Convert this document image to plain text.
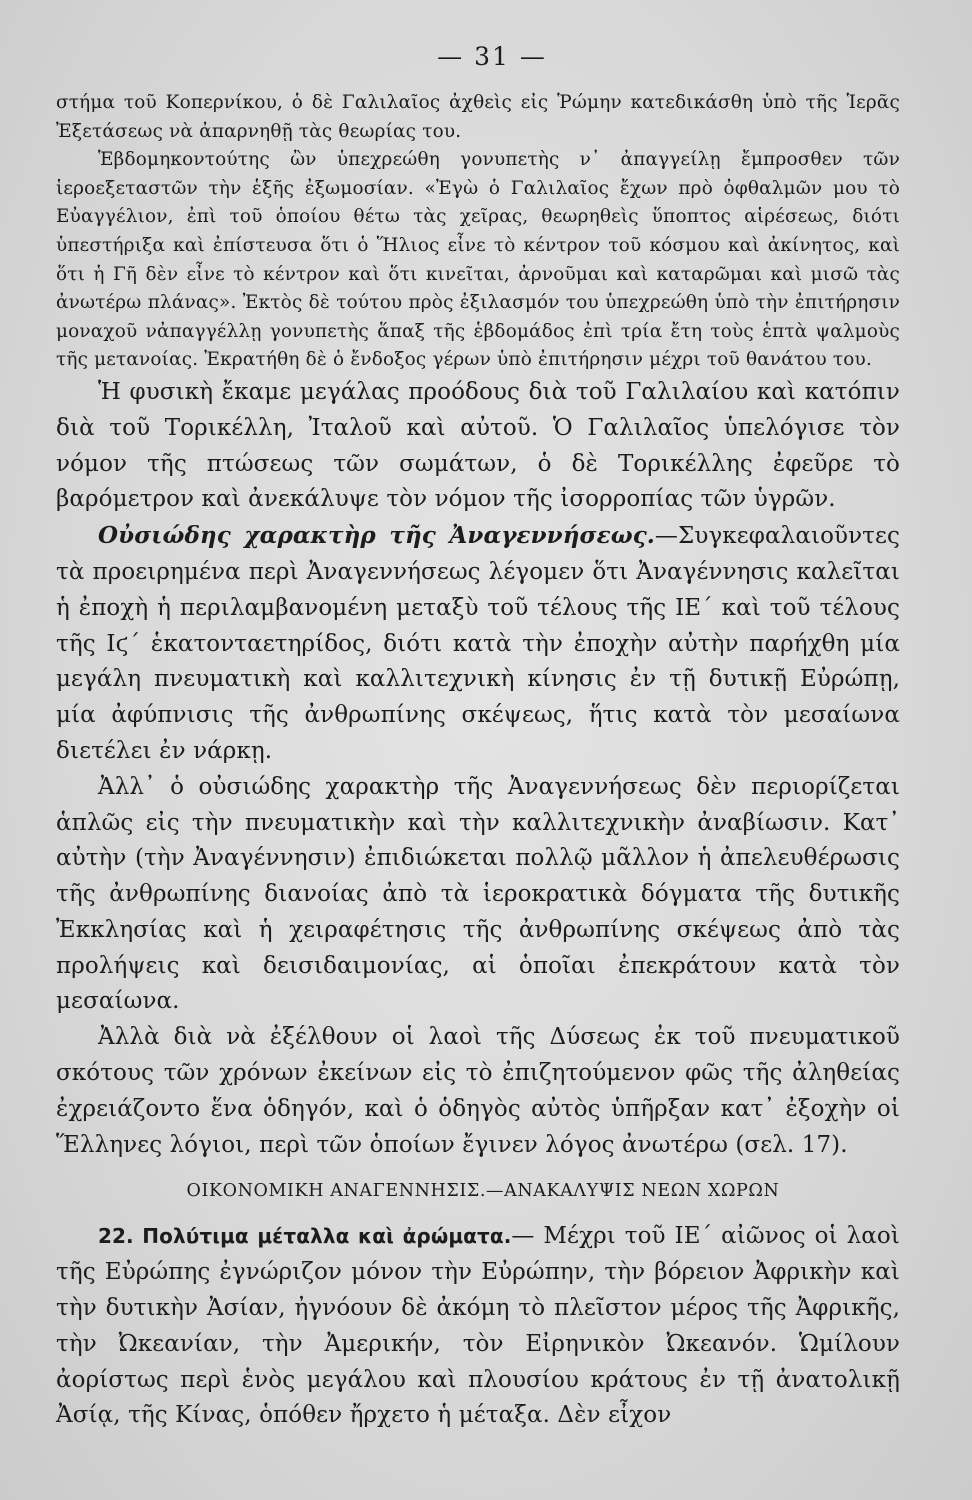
— 31 —

στήμα τοῦ Κοπερνίκου, ὁ δὲ Γαλιλαῖος ἀχθεὶς εἰς Ῥώμην κατεδικάσθη ὑπὸ τῆς Ἱερᾶς Ἐξετάσεως νὰ ἀπαρνηθῇ τὰς θεωρίας του.

Ἑβδομηκοντούτης ὢν ὑπεχρεώθη γονυπετὴς ν᾽ ἀπαγγείλῃ ἔμπροσθεν τῶν ἱεροεξεταστῶν τὴν ἑξῆς ἐξωμοσίαν. «Ἐγὼ ὁ Γαλιλαῖος ἔχων πρὸ ὀφθαλμῶν μου τὸ Εὐαγγέλιον, ἐπὶ τοῦ ὁποίου θέτω τὰς χεῖρας, θεωρηθεὶς ὕποπτος αἱρέσεως, διότι ὑπεστήριξα καὶ ἐπίστευσα ὅτι ὁ Ἥλιος εἶνε τὸ κέντρον τοῦ κόσμου καὶ ἀκίνητος, καὶ ὅτι ἡ Γῆ δὲν εἶνε τὸ κέντρον καὶ ὅτι κινεῖται, ἀρνοῦμαι καὶ καταρῶμαι καὶ μισῶ τὰς ἀνωτέρω πλάνας». Ἐκτὸς δὲ τούτου πρὸς ἐξιλασμόν του ὑπεχρεώθη ὑπὸ τὴν ἐπιτήρησιν μοναχοῦ νἀπαγγέλλῃ γονυπετὴς ἅπαξ τῆς ἑβδομάδος ἐπὶ τρία ἔτη τοὺς ἑπτὰ ψαλμοὺς τῆς μετανοίας. Ἐκρατήθη δὲ ὁ ἔνδοξος γέρων ὑπὸ ἐπιτήρησιν μέχρι τοῦ θανάτου του.

Ἡ φυσικὴ ἔκαμε μεγάλας προόδους διὰ τοῦ Γαλιλαίου καὶ κατόπιν διὰ τοῦ Τορικέλλη, Ἰταλοῦ καὶ αὐτοῦ. Ὁ Γαλιλαῖος ὑπελόγισε τὸν νόμον τῆς πτώσεως τῶν σωμάτων, ὁ δὲ Τορικέλλης ἐφεῦρε τὸ βαρόμετρον καὶ ἀνεκάλυψε τὸν νόμον τῆς ἰσορροπίας τῶν ὑγρῶν.

Οὐσιώδης χαρακτὴρ τῆς Ἀναγεννήσεως.—Συγκεφαλαιοῦντες τὰ προειρημένα περὶ Ἀναγεννήσεως λέγομεν ὅτι Ἀναγέννησις καλεῖται ἡ ἐποχὴ ἡ περιλαμβανομένη μεταξὺ τοῦ τέλους τῆς ΙΕ΄ καὶ τοῦ τέλους τῆς Ιϛ΄ ἑκατονταετηρίδος, διότι κατὰ τὴν ἐποχὴν αὐτὴν παρήχθη μία μεγάλη πνευματικὴ καὶ καλλιτεχνικὴ κίνησις ἐν τῇ δυτικῇ Εὐρώπῃ, μία ἀφύπνισις τῆς ἀνθρωπίνης σκέψεως, ἥτις κατὰ τὸν μεσαίωνα διετέλει ἐν νάρκῃ.

Ἀλλ᾽ ὁ οὐσιώδης χαρακτὴρ τῆς Ἀναγεννήσεως δὲν περιορίζεται ἁπλῶς εἰς τὴν πνευματικὴν καὶ τὴν καλλιτεχνικὴν ἀναβίωσιν. Κατ᾽ αὐτὴν (τὴν Ἀναγέννησιν) ἐπιδιώκεται πολλῷ μᾶλλον ἡ ἀπελευθέρωσις τῆς ἀνθρωπίνης διανοίας ἀπὸ τὰ ἱεροκρατικὰ δόγματα τῆς δυτικῆς Ἐκκλησίας καὶ ἡ χειραφέτησις τῆς ἀνθρωπίνης σκέψεως ἀπὸ τὰς προλήψεις καὶ δεισιδαιμονίας, αἱ ὁποῖαι ἐπεκράτουν κατὰ τὸν μεσαίωνα.

Ἀλλὰ διὰ νὰ ἐξέλθουν οἱ λαοὶ τῆς Δύσεως ἐκ τοῦ πνευματικοῦ σκότους τῶν χρόνων ἐκείνων εἰς τὸ ἐπιζητούμενον φῶς τῆς ἀληθείας ἐχρειάζοντο ἕνα ὁδηγόν, καὶ ὁ ὁδηγὸς αὐτὸς ὑπῆρξαν κατ᾽ ἐξοχὴν οἱ Ἕλληνες λόγιοι, περὶ τῶν ὁποίων ἔγινεν λόγος ἀνωτέρω (σελ. 17).

ΟΙΚΟΝΟΜΙΚΗ ΑΝΑΓΕΝΝΗΣΙΣ.—ΑΝΑΚΑΛΥΨΙΣ ΝΕΩΝ ΧΩΡΩΝ

22. Πολύτιμα μέταλλα καὶ ἀρώματα.— Μέχρι τοῦ ΙΕ΄ αἰῶνος οἱ λαοὶ τῆς Εὐρώπης ἐγνώριζον μόνον τὴν Εὐρώπην, τὴν βόρειον Ἀφρικὴν καὶ τὴν δυτικὴν Ἀσίαν, ἠγνόουν δὲ ἀκόμη τὸ πλεῖστον μέρος τῆς Ἀφρικῆς, τὴν Ὠκεανίαν, τὴν Ἀμερικήν, τὸν Εἰρηνικὸν Ὠκεανόν. Ὡμίλουν ἀορίστως περὶ ἑνὸς μεγάλου καὶ πλουσίου κράτους ἐν τῇ ἀνατολικῇ Ἀσίᾳ, τῆς Κίνας, ὁπόθεν ἤρχετο ἡ μέταξα. Δὲν εἶχον
